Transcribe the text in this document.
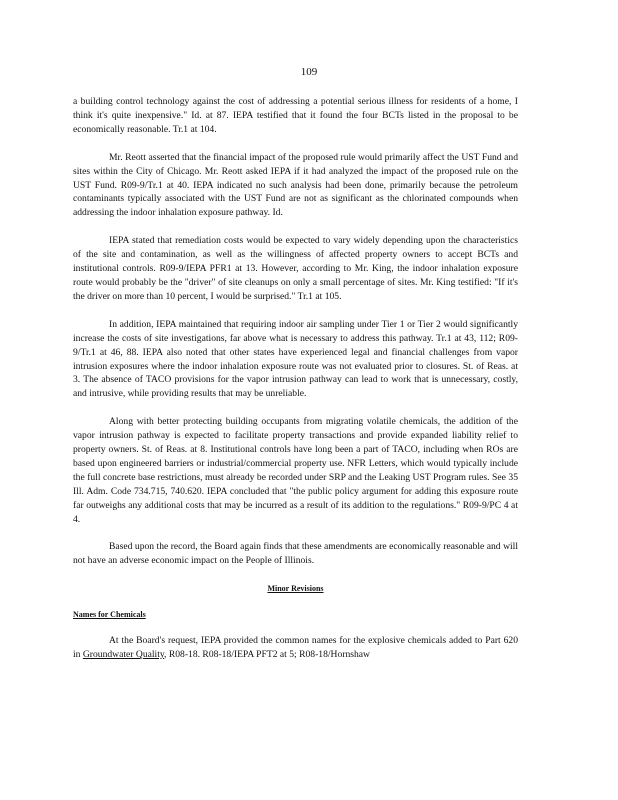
109

a building control technology against the cost of addressing a potential serious illness for residents of a home, I think it's quite inexpensive." Id. at 87. IEPA testified that it found the four BCTs listed in the proposal to be economically reasonable. Tr.1 at 104.

Mr. Reott asserted that the financial impact of the proposed rule would primarily affect the UST Fund and sites within the City of Chicago. Mr. Reott asked IEPA if it had analyzed the impact of the proposed rule on the UST Fund. R09-9/Tr.1 at 40. IEPA indicated no such analysis had been done, primarily because the petroleum contaminants typically associated with the UST Fund are not as significant as the chlorinated compounds when addressing the indoor inhalation exposure pathway. Id.

IEPA stated that remediation costs would be expected to vary widely depending upon the characteristics of the site and contamination, as well as the willingness of affected property owners to accept BCTs and institutional controls. R09-9/IEPA PFR1 at 13. However, according to Mr. King, the indoor inhalation exposure route would probably be the "driver" of site cleanups on only a small percentage of sites. Mr. King testified: "If it's the driver on more than 10 percent, I would be surprised." Tr.1 at 105.

In addition, IEPA maintained that requiring indoor air sampling under Tier 1 or Tier 2 would significantly increase the costs of site investigations, far above what is necessary to address this pathway. Tr.1 at 43, 112; R09-9/Tr.1 at 46, 88. IEPA also noted that other states have experienced legal and financial challenges from vapor intrusion exposures where the indoor inhalation exposure route was not evaluated prior to closures. St. of Reas. at 3. The absence of TACO provisions for the vapor intrusion pathway can lead to work that is unnecessary, costly, and intrusive, while providing results that may be unreliable.

Along with better protecting building occupants from migrating volatile chemicals, the addition of the vapor intrusion pathway is expected to facilitate property transactions and provide expanded liability relief to property owners. St. of Reas. at 8. Institutional controls have long been a part of TACO, including when ROs are based upon engineered barriers or industrial/commercial property use. NFR Letters, which would typically include the full concrete base restrictions, must already be recorded under SRP and the Leaking UST Program rules. See 35 Ill. Adm. Code 734.715, 740.620. IEPA concluded that "the public policy argument for adding this exposure route far outweighs any additional costs that may be incurred as a result of its addition to the regulations." R09-9/PC 4 at 4.

Based upon the record, the Board again finds that these amendments are economically reasonable and will not have an adverse economic impact on the People of Illinois.

Minor Revisions
Names for Chemicals

At the Board's request, IEPA provided the common names for the explosive chemicals added to Part 620 in Groundwater Quality, R08-18. R08-18/IEPA PFT2 at 5; R08-18/Hornshaw
